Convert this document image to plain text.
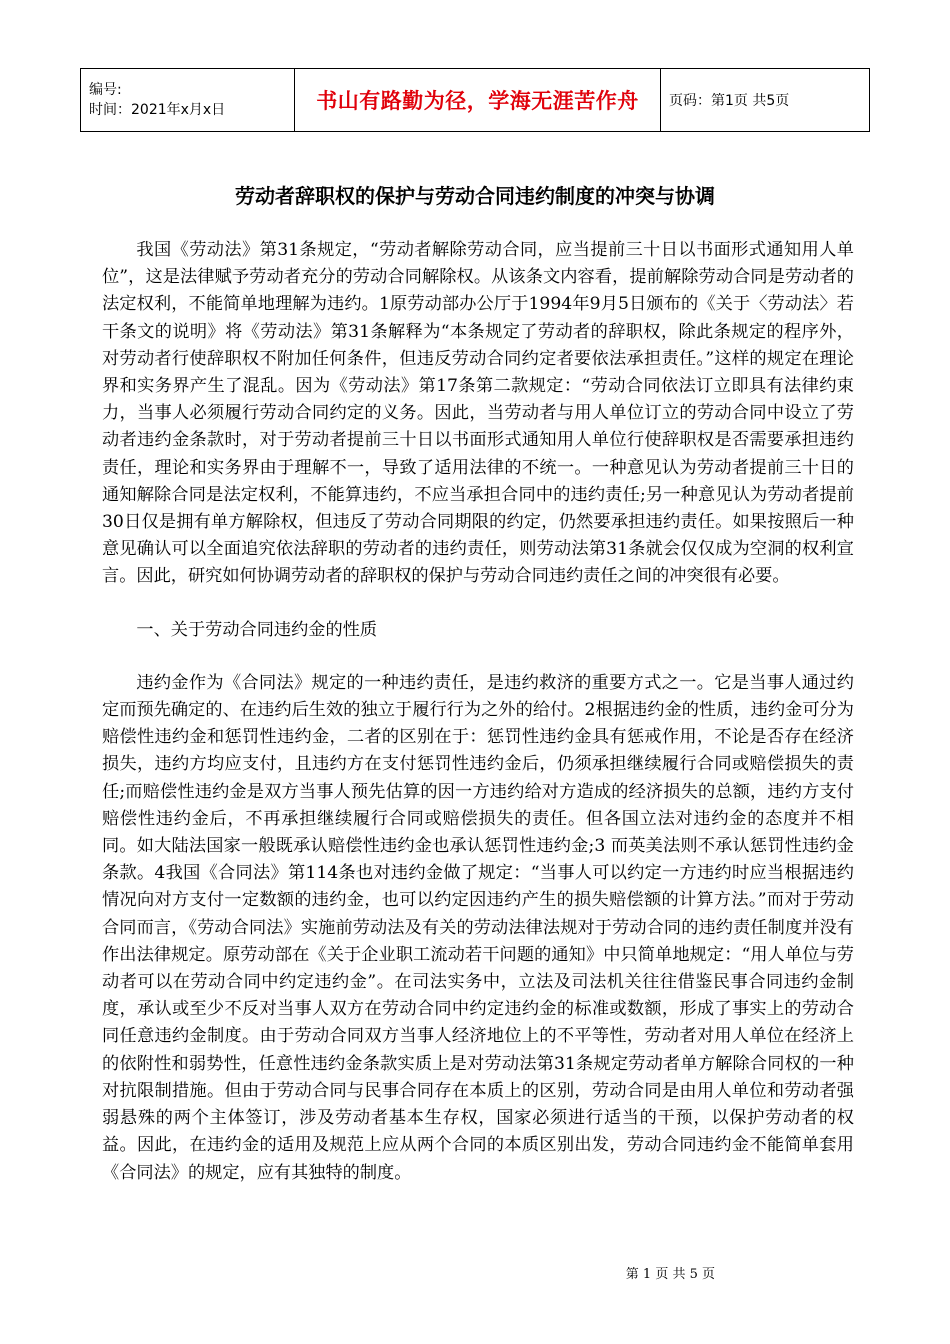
编号:
时间：2021年x月x日	书山有路勤为径，学海无涯苦作舟	页码：第1页 共5页
劳动者辞职权的保护与劳动合同违约制度的冲突与协调

我国《劳动法》第31条规定，“劳动者解除劳动合同，应当提前三十日以书面形式通知用人单位”，这是法律赋予劳动者充分的劳动合同解除权。从该条文内容看，提前解除劳动合同是劳动者的法定权利，不能简单地理解为违约。1原劳动部办公厅于1994年9月5日颁布的《关于〈劳动法〉若干条文的说明》将《劳动法》第31条解释为“本条规定了劳动者的辞职权，除此条规定的程序外，对劳动者行使辞职权不附加任何条件，但违反劳动合同约定者要依法承担责任。”这样的规定在理论界和实务界产生了混乱。因为《劳动法》第17条第二款规定：“劳动合同依法订立即具有法律约束力，当事人必须履行劳动合同约定的义务。因此，当劳动者与用人单位订立的劳动合同中设立了劳动者违约金条款时，对于劳动者提前三十日以书面形式通知用人单位行使辞职权是否需要承担违约责任，理论和实务界由于理解不一，导致了适用法律的不统一。一种意见认为劳动者提前三十日的通知解除合同是法定权利，不能算违约，不应当承担合同中的违约责任;另一种意见认为劳动者提前30日仅是拥有单方解除权，但违反了劳动合同期限的约定，仍然要承担违约责任。如果按照后一种意见确认可以全面追究依法辞职的劳动者的违约责任，则劳动法第31条就会仅仅成为空洞的权利宣言。因此，研究如何协调劳动者的辞职权的保护与劳动合同违约责任之间的冲突很有必要。

一、关于劳动合同违约金的性质

违约金作为《合同法》规定的一种违约责任，是违约救济的重要方式之一。它是当事人通过约定而预先确定的、在违约后生效的独立于履行行为之外的给付。2根据违约金的性质，违约金可分为赔偿性违约金和惩罚性违约金，二者的区别在于：惩罚性违约金具有惩戒作用，不论是否存在经济损失，违约方均应支付，且违约方在支付惩罚性违约金后，仍须承担继续履行合同或赔偿损失的责任;而赔偿性违约金是双方当事人预先估算的因一方违约给对方造成的经济损失的总额，违约方支付赔偿性违约金后，不再承担继续履行合同或赔偿损失的责任。但各国立法对违约金的态度并不相同。如大陆法国家一般既承认赔偿性违约金也承认惩罚性违约金;3 而英美法则不承认惩罚性违约金条款。4我国《合同法》第114条也对违约金做了规定：“当事人可以约定一方违约时应当根据违约情况向对方支付一定数额的违约金，也可以约定因违约产生的损失赔偿额的计算方法。”而对于劳动合同而言，《劳动合同法》实施前劳动法及有关的劳动法律法规对于劳动合同的违约责任制度并没有作出法律规定。原劳动部在《关于企业职工流动若干问题的通知》中只简单地规定：“用人单位与劳动者可以在劳动合同中约定违约金”。在司法实务中，立法及司法机关往往借鉴民事合同违约金制度，承认或至少不反对当事人双方在劳动合同中约定违约金的标准或数额，形成了事实上的劳动合同任意违约金制度。由于劳动合同双方当事人经济地位上的不平等性，劳动者对用人单位在经济上的依附性和弱势性，任意性违约金条款实质上是对劳动法第31条规定劳动者单方解除合同权的一种对抗限制措施。但由于劳动合同与民事合同存在本质上的区别，劳动合同是由用人单位和劳动者强弱悬殊的两个主体签订，涉及劳动者基本生存权，国家必须进行适当的干预，以保护劳动者的权益。因此，在违约金的适用及规范上应从两个合同的本质区别出发，劳动合同违约金不能简单套用《合同法》的规定，应有其独特的制度。

第 1 页 共 5 页
